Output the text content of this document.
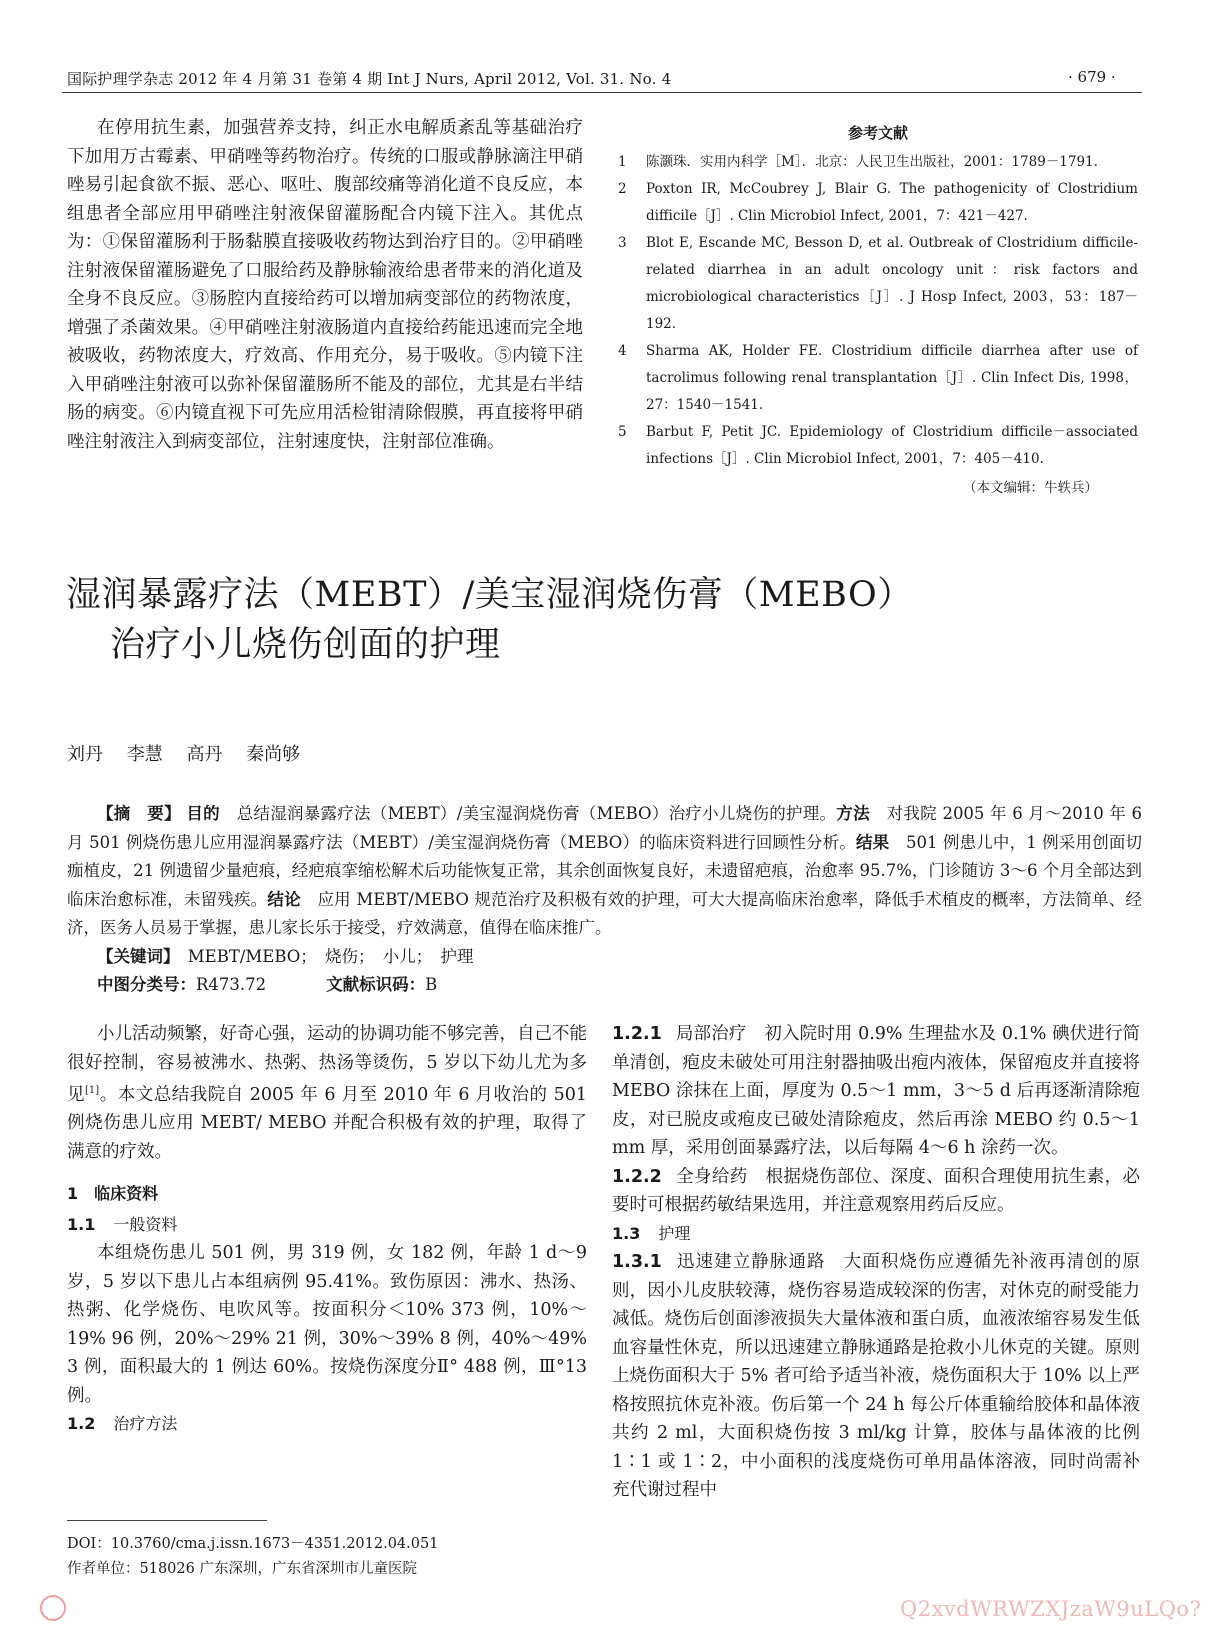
国际护理学杂志 2012 年 4 月第 31 卷第 4 期 Int J Nurs, April 2012, Vol. 31. No. 4	· 679 ·

在停用抗生素，加强营养支持，纠正水电解质紊乱等基础治疗下加用万古霉素、甲硝唑等药物治疗。传统的口服或静脉滴注甲硝唑易引起食欲不振、恶心、呕吐、腹部绞痛等消化道不良反应，本组患者全部应用甲硝唑注射液保留灌肠配合内镜下注入。其优点为：①保留灌肠利于肠黏膜直接吸收药物达到治疗目的。②甲硝唑注射液保留灌肠避免了口服给药及静脉输液给患者带来的消化道及全身不良反应。③肠腔内直接给药可以增加病变部位的药物浓度，增强了杀菌效果。④甲硝唑注射液肠道内直接给药能迅速而完全地被吸收，药物浓度大，疗效高、作用充分，易于吸收。⑤内镜下注入甲硝唑注射液可以弥补保留灌肠所不能及的部位，尤其是右半结肠的病变。⑥内镜直视下可先应用活检钳清除假膜，再直接将甲硝唑注射液注入到病变部位，注射速度快，注射部位准确。

参考文献
1	陈灏珠．实用内科学［M］．北京：人民卫生出版社，2001：1789－1791.
2	Poxton IR, McCoubrey J, Blair G. The pathogenicity of Clostridium difficile［J］. Clin Microbiol Infect, 2001，7：421－427.
3	Blot E, Escande MC, Besson D, et al. Outbreak of Clostridium difficile-related diarrhea in an adult oncology unit：risk factors and microbiological characteristics［J］. J Hosp Infect, 2003，53：187－192.
4	Sharma AK, Holder FE. Clostridium difficile diarrhea after use of tacrolimus following renal transplantation［J］. Clin Infect Dis, 1998，27：1540－1541.
5	Barbut F, Petit JC. Epidemiology of Clostridium difficile－associated infections［J］. Clin Microbiol Infect, 2001，7：405－410.
（本文编辑：牛轶兵）
湿润暴露疗法（MEBT）/美宝湿润烧伤膏（MEBO）
治疗小儿烧伤创面的护理
刘丹 李慧 高丹 秦尚够

【摘　要】 目的　 总结湿润暴露疗法（MEBT）/美宝湿润烧伤膏（MEBO）治疗小儿烧伤的护理。方法　 对我院 2005 年 6 月～2010 年 6 月 501 例烧伤患儿应用湿润暴露疗法（MEBT）/美宝湿润烧伤膏（MEBO）的临床资料进行回顾性分析。结果　 501 例患儿中，1 例采用创面切痂植皮，21 例遗留少量疤痕，经疤痕挛缩松解术后功能恢复正常，其余创面恢复良好，未遗留疤痕，治愈率 95.7%，门诊随访 3～6 个月全部达到临床治愈标准，未留残疾。结论　 应用 MEBT/MEBO 规范治疗及积极有效的护理，可大大提高临床治愈率，降低手术植皮的概率，方法简单、经济，医务人员易于掌握，患儿家长乐于接受，疗效满意，值得在临床推广。

【关键词】　 MEBT/MEBO；　烧伤；　小儿；　护理

中图分类号：R473.72	文献标识码：B

小儿活动频繁，好奇心强，运动的协调功能不够完善，自己不能很好控制，容易被沸水、热粥、热汤等烫伤，5 岁以下幼儿尤为多见[1]。本文总结我院自 2005 年 6 月至 2010 年 6 月收治的 501 例烧伤患儿应用 MEBT/ MEBO 并配合积极有效的护理，取得了满意的疗效。

1　临床资料

1.1 一般资料

本组烧伤患儿 501 例，男 319 例，女 182 例，年龄 1 d～9 岁，5 岁以下患儿占本组病例 95.41%。致伤原因：沸水、热汤、热粥、化学烧伤、电吹风等。按面积分＜10% 373 例，10%～19% 96 例，20%～29% 21 例，30%～39% 8 例，40%～49% 3 例，面积最大的 1 例达 60%。按烧伤深度分Ⅱ° 488 例，Ⅲ°13 例。

1.2 治疗方法

1.2.1 局部治疗 初入院时用 0.9% 生理盐水及 0.1% 碘伏进行简单清创，疱皮未破处可用注射器抽吸出疱内液体，保留疱皮并直接将 MEBO 涂抹在上面，厚度为 0.5～1 mm，3～5 d 后再逐渐清除疱皮，对已脱皮或疱皮已破处清除疱皮，然后再涂 MEBO 约 0.5～1 mm 厚，采用创面暴露疗法，以后每隔 4～6 h 涂药一次。

1.2.2 全身给药 根据烧伤部位、深度、面积合理使用抗生素，必要时可根据药敏结果选用，并注意观察用药后反应。

1.3 护理

1.3.1 迅速建立静脉通路 大面积烧伤应遵循先补液再清创的原则，因小儿皮肤较薄，烧伤容易造成较深的伤害，对休克的耐受能力减低。烧伤后创面渗液损失大量体液和蛋白质，血液浓缩容易发生低血容量性休克，所以迅速建立静脉通路是抢救小儿休克的关键。原则上烧伤面积大于 5% 者可给予适当补液，烧伤面积大于 10% 以上严格按照抗休克补液。伤后第一个 24 h 每公斤体重输给胶体和晶体液共约 2 ml，大面积烧伤按 3 ml/kg 计算，胶体与晶体液的比例 1∶1 或 1∶2，中小面积的浅度烧伤可单用晶体溶液，同时尚需补充代谢过程中

DOI：10.3760/cma.j.issn.1673－4351.2012.04.051
作者单位：518026 广东深圳，广东省深圳市儿童医院
Q2xvdWRWZXJzaW9uLQo?
